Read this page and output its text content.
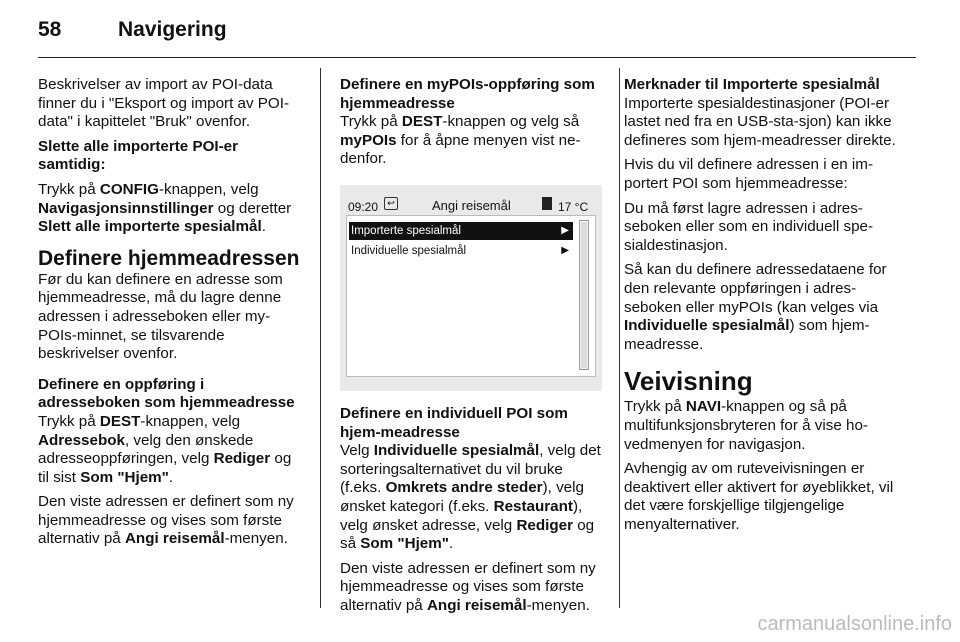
58	Navigering

Beskrivelser av import av POI-data finner du i "Eksport og import av POI-data" i kapittelet "Bruk" ovenfor.

Slette alle importerte POI-er samtidig:

Trykk på CONFIG-knappen, velg Navigasjonsinnstillinger og deretter Slett alle importerte spesialmål.

Definere hjemmeadressen

Før du kan definere en adresse som hjemmeadresse, må du lagre denne adressen i adresseboken eller my-POIs-minnet, se tilsvarende beskrivelser ovenfor.

Definere en oppføring i adresseboken som hjemmeadresse

Trykk på DEST-knappen, velg Adressebok, velg den ønskede adresseoppføringen, velg Rediger og til sist Som "Hjem".

Den viste adressen er definert som ny hjemmeadresse og vises som første alternativ på Angi reisemål-menyen.

Definere en myPOIs-oppføring som hjemmeadresse

Trykk på DEST-knappen og velg så myPOIs for å åpne menyen vist ne-denfor.

09:20	↩	Angi reisemål	17 °C
Importerte spesialmål	▶
Individuelle spesialmål	▶

Definere en individuell POI som hjem-meadresse

Velg Individuelle spesialmål, velg det sorteringsalternativet du vil bruke (f.eks. Omkrets andre steder), velg ønsket kategori (f.eks. Restaurant), velg ønsket adresse, velg Rediger og så Som "Hjem".

Den viste adressen er definert som ny hjemmeadresse og vises som første alternativ på Angi reisemål-menyen.

Merknader til Importerte spesialmål

Importerte spesialdestinasjoner (POI-er lastet ned fra en USB-sta-sjon) kan ikke defineres som hjem-meadresser direkte.

Hvis du vil definere adressen i en im-portert POI som hjemmeadresse:

Du må først lagre adressen i adres-seboken eller som en individuell spe-sialdestinasjon.

Så kan du definere adressedataene for den relevante oppføringen i adres-seboken eller myPOIs (kan velges via Individuelle spesialmål) som hjem-meadresse.

Veivisning

Trykk på NAVI-knappen og så på multifunksjonsbryteren for å vise ho-vedmenyen for navigasjon.

Avhengig av om ruteveivisningen er deaktivert eller aktivert for øyeblikket, vil det være forskjellige tilgjengelige menyalternativer.

carmanualsonline.info
